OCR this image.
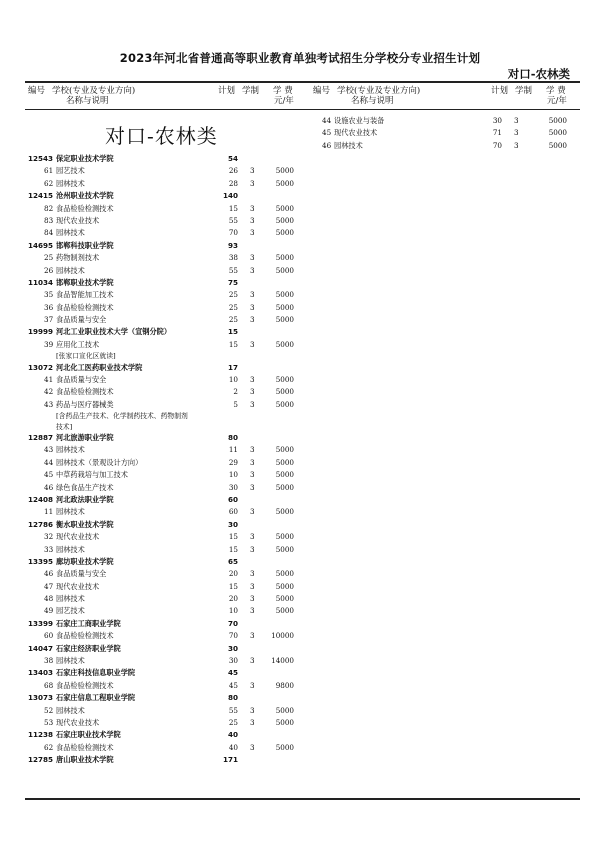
2023年河北省普通高等职业教育单独考试招生分学校分专业招生计划
对口-农林类
编号 学校(专业及专业方向)
名称与说明
计划 学制 学 费
元/年
编号 学校(专业及专业方向)
名称与说明
计划 学制 学 费
元/年
对口-农林类
12543 保定职业技术学院	54
61 园艺技术	26 3	5000
62 园林技术	28 3	5000
12415 沧州职业技术学院	140
82 食品检验检测技术	15 3	5000
83 现代农业技术	55 3	5000
84 园林技术	70 3	5000
14695 邯郸科技职业学院	93
25 药物制剂技术	38 3	5000
26 园林技术	55 3	5000
11034 邯郸职业技术学院	75
35 食品智能加工技术	25 3	5000
36 食品检验检测技术	25 3	5000
37 食品质量与安全	25 3	5000
19999 河北工业职业技术大学（宣钢分院）	15
39 应用化工技术	15 3	5000
[张家口宣化区就读]
13072 河北化工医药职业技术学院	17
41 食品质量与安全	10 3	5000
42 食品检验检测技术	2 3	5000
43 药品与医疗器械类	5 3	5000
[含药品生产技术、化学制药技术、药物制剂
技术]
12887 河北旅游职业学院	80
43 园林技术	11 3	5000
44 园林技术（景观设计方向）	29 3	5000
45 中草药栽培与加工技术	10 3	5000
46 绿色食品生产技术	30 3	5000
12408 河北政法职业学院	60
11 园林技术	60 3	5000
12786 衡水职业技术学院	30
32 现代农业技术	15 3	5000
33 园林技术	15 3	5000
13395 廊坊职业技术学院	65
46 食品质量与安全	20 3	5000
47 现代农业技术	15 3	5000
48 园林技术	20 3	5000
49 园艺技术	10 3	5000
13399 石家庄工商职业学院	70
60 食品检验检测技术	70 3	10000
14047 石家庄经济职业学院	30
38 园林技术	30 3	14000
13403 石家庄科技信息职业学院	45
68 食品检验检测技术	45 3	9800
13073 石家庄信息工程职业学院	80
52 园林技术	55 3	5000
53 现代农业技术	25 3	5000
11238 石家庄职业技术学院	40
62 食品检验检测技术	40 3	5000
12785 唐山职业技术学院	171
44 设施农业与装备	30 3	5000
45 现代农业技术	71 3	5000
46 园林技术	70 3	5000
